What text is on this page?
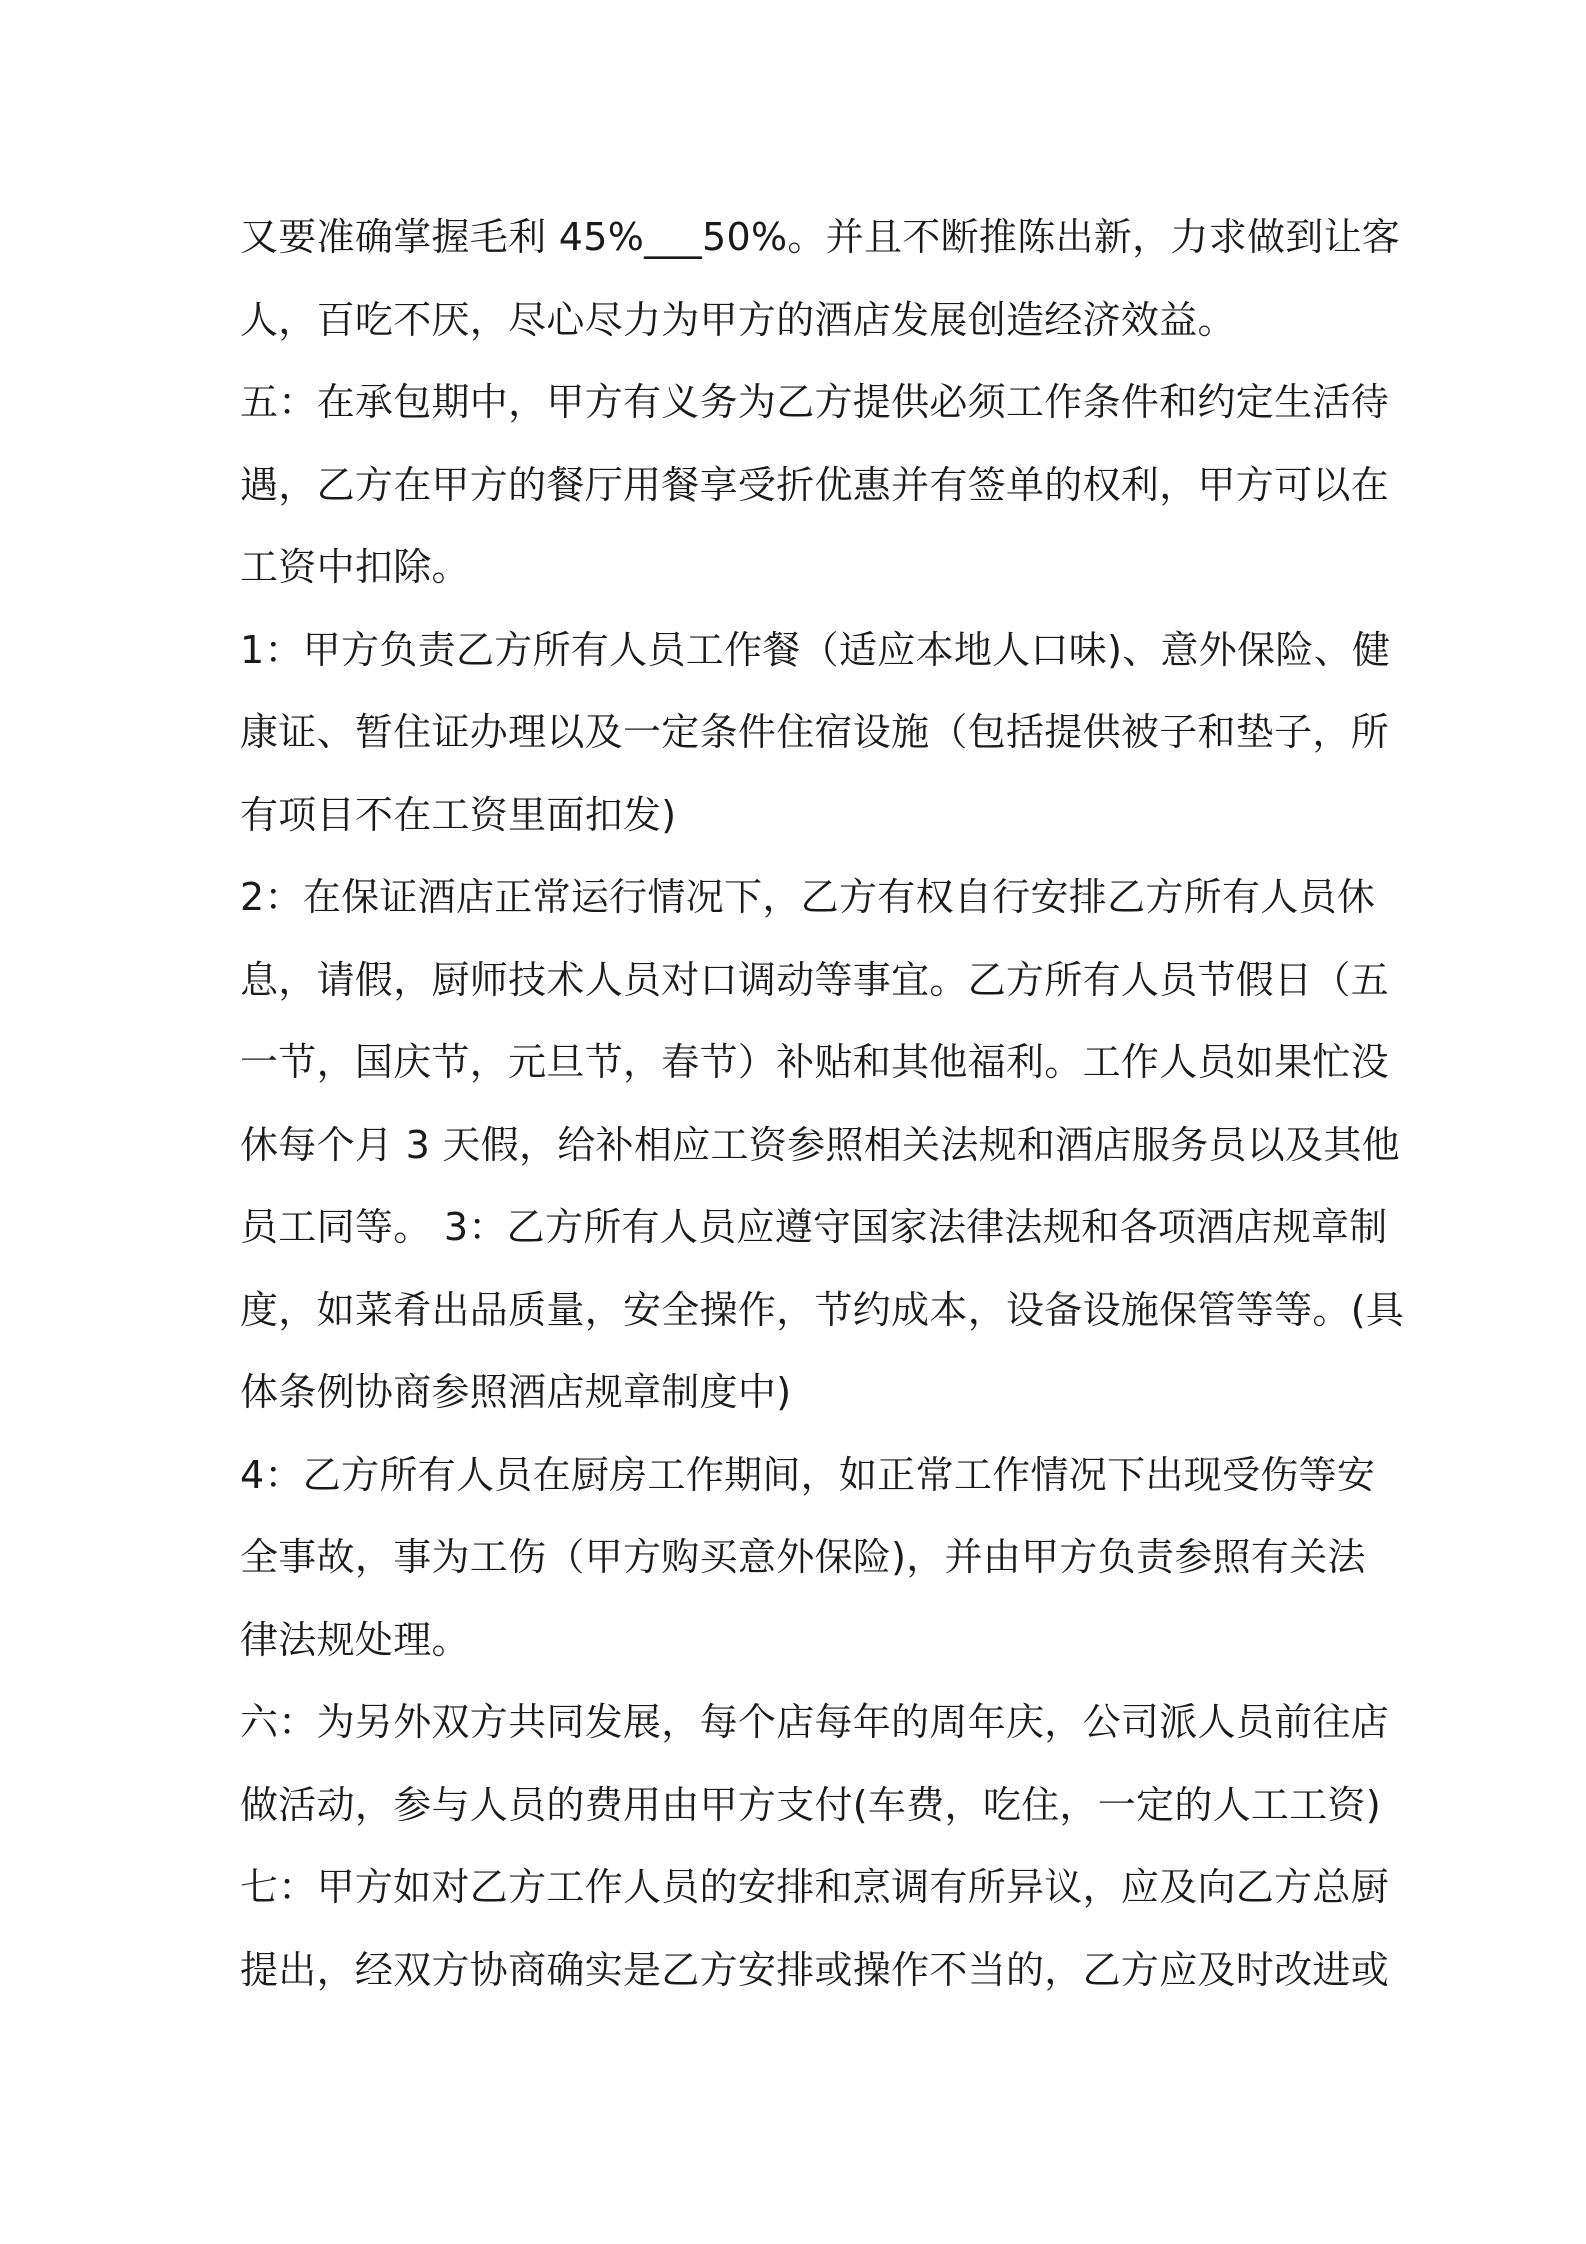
又要准确掌握毛利 45%___50%。并且不断推陈出新，力求做到让客
人，百吃不厌，尽心尽力为甲方的酒店发展创造经济效益。
五：在承包期中，甲方有义务为乙方提供必须工作条件和约定生活待
遇，乙方在甲方的餐厅用餐享受折优惠并有签单的权利，甲方可以在
工资中扣除。
1：甲方负责乙方所有人员工作餐（适应本地人口味)、意外保险、健
康证、暂住证办理以及一定条件住宿设施（包括提供被子和垫子，所
有项目不在工资里面扣发)
2：在保证酒店正常运行情况下，乙方有权自行安排乙方所有人员休
息，请假，厨师技术人员对口调动等事宜。乙方所有人员节假日（五
一节，国庆节，元旦节，春节）补贴和其他福利。工作人员如果忙没
休每个月 3 天假，给补相应工资参照相关法规和酒店服务员以及其他
员工同等。 3：乙方所有人员应遵守国家法律法规和各项酒店规章制
度，如菜肴出品质量，安全操作，节约成本，设备设施保管等等。(具
体条例协商参照酒店规章制度中)
4：乙方所有人员在厨房工作期间，如正常工作情况下出现受伤等安
全事故，事为工伤（甲方购买意外保险)，并由甲方负责参照有关法
律法规处理。
六：为另外双方共同发展，每个店每年的周年庆，公司派人员前往店
做活动，参与人员的费用由甲方支付(车费，吃住，一定的人工工资)
七：甲方如对乙方工作人员的安排和烹调有所异议，应及向乙方总厨
提出，经双方协商确实是乙方安排或操作不当的，乙方应及时改进或
